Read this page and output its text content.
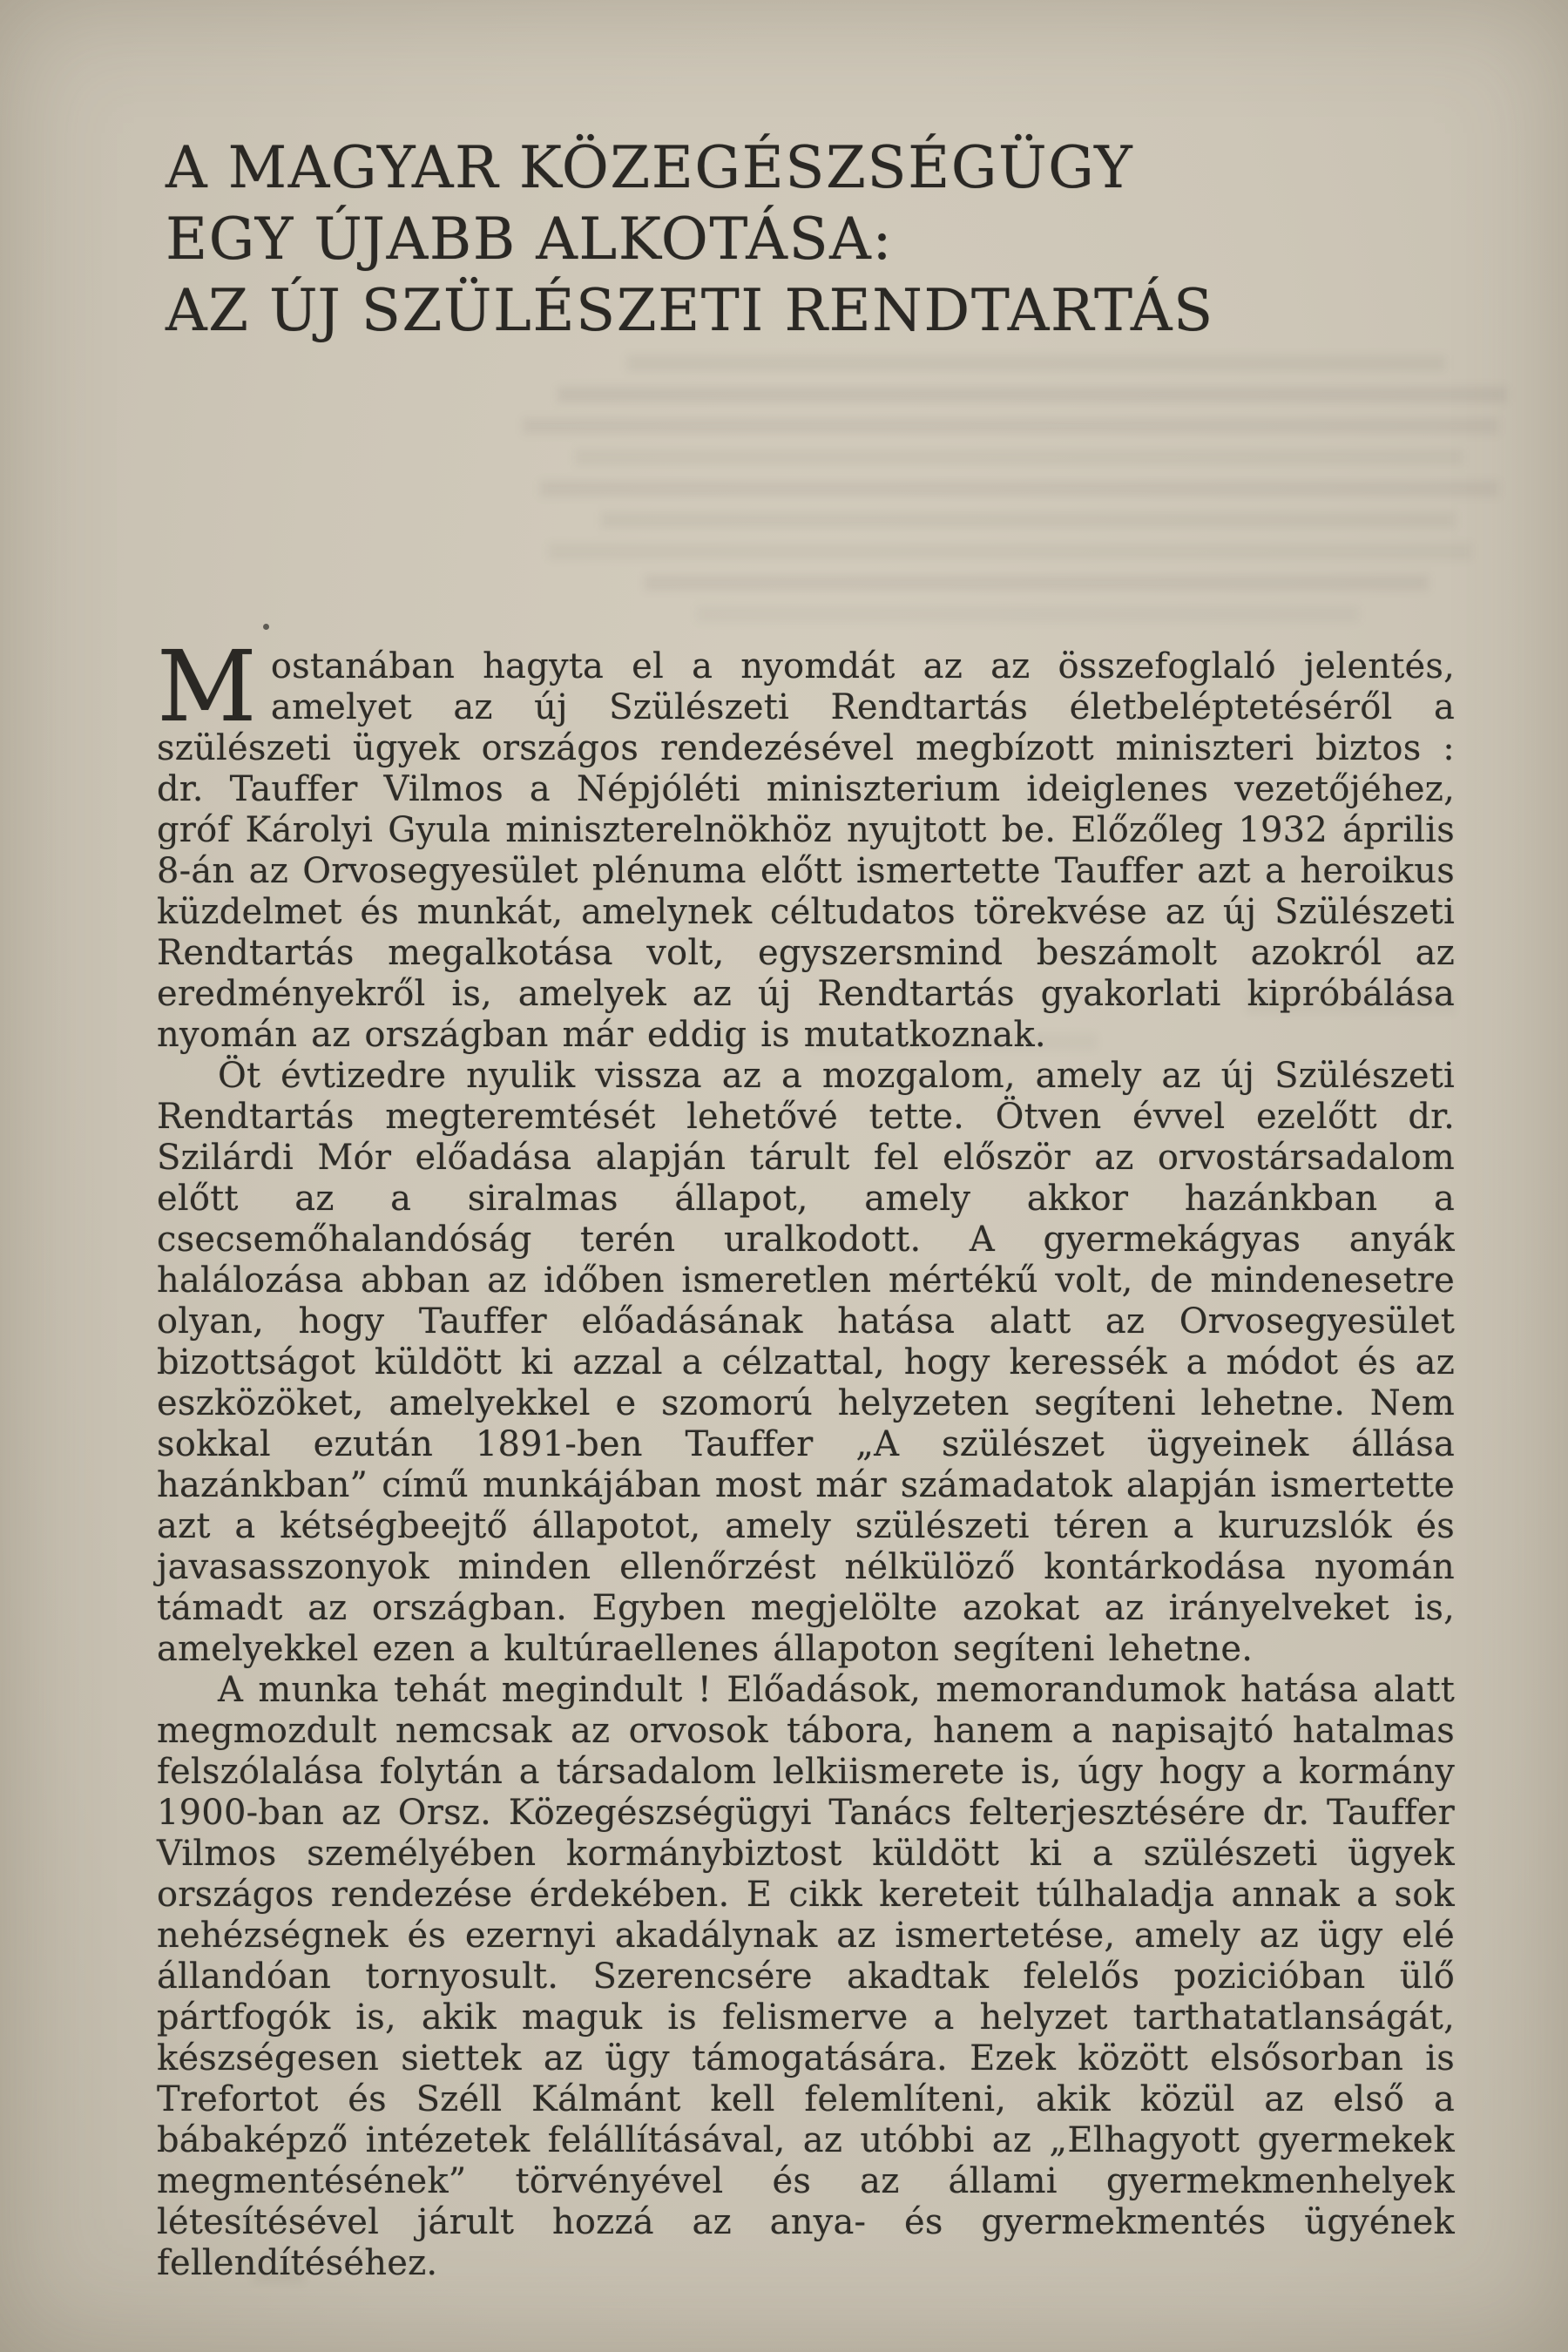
A MAGYAR KÖZEGÉSZSÉGÜGY
EGY ÚJABB ALKOTÁSA:
AZ ÚJ SZÜLÉSZETI RENDTARTÁS

Mostanában hagyta el a nyomdát az az összefoglaló jelentés, amelyet az új Szülészeti Rendtartás életbeléptetéséről a szülészeti ügyek országos rendezésével megbízott miniszteri biztos : dr. Tauffer Vilmos a Népjóléti miniszterium ideiglenes vezetőjéhez, gróf Károlyi Gyula miniszterelnökhöz nyujtott be. Előzőleg 1932 április 8-án az Orvosegyesület plénuma előtt ismertette Tauffer azt a heroikus küzdelmet és munkát, amelynek céltudatos törekvése az új Szülészeti Rendtartás megalkotása volt, egyszersmind beszámolt azokról az eredményekről is, amelyek az új Rendtartás gyakorlati kipróbálása nyomán az országban már eddig is mutatkoznak.

Öt évtizedre nyulik vissza az a mozgalom, amely az új Szülészeti Rendtartás megteremtését lehetővé tette. Ötven évvel ezelőtt dr. Szilárdi Mór előadása alapján tárult fel először az orvostársadalom előtt az a siralmas állapot, amely akkor hazánkban a csecsemőhalandóság terén uralkodott. A gyermekágyas anyák halálozása abban az időben ismeretlen mértékű volt, de mindenesetre olyan, hogy Tauffer előadásának hatása alatt az Orvosegyesület bizottságot küldött ki azzal a célzattal, hogy keressék a módot és az eszközöket, amelyekkel e szomorú helyzeten segíteni lehetne. Nem sokkal ezután 1891-ben Tauffer „A szülészet ügyeinek állása hazánkban” című munkájában most már számadatok alapján ismertette azt a kétségbeejtő állapotot, amely szülészeti téren a kuruzslók és javasasszonyok minden ellenőrzést nélkülöző kontárkodása nyomán támadt az országban. Egyben megjelölte azokat az irányelveket is, amelyekkel ezen a kultúraellenes állapoton segíteni lehetne.

A munka tehát megindult ! Előadások, memorandumok hatása alatt megmozdult nemcsak az orvosok tábora, hanem a napisajtó hatalmas felszólalása folytán a társadalom lelkiismerete is, úgy hogy a kormány 1900-ban az Orsz. Közegészségügyi Tanács felterjesztésére dr. Tauffer Vilmos személyében kormánybiztost küldött ki a szülészeti ügyek országos rendezése érdekében. E cikk kereteit túlhaladja annak a sok nehézségnek és ezernyi akadálynak az ismertetése, amely az ügy elé állandóan tornyosult. Szerencsére akadtak felelős pozicióban ülő pártfogók is, akik maguk is felismerve a helyzet tarthatatlanságát, készségesen siettek az ügy támogatására. Ezek között elsősorban is Trefortot és Széll Kálmánt kell felemlíteni, akik közül az első a bábaképző intézetek felállításával, az utóbbi az „Elhagyott gyermekek megmentésének” törvényével és az állami gyermekmenhelyek létesítésével járult hozzá az anya- és gyermekmentés ügyének fellendítéséhez.
